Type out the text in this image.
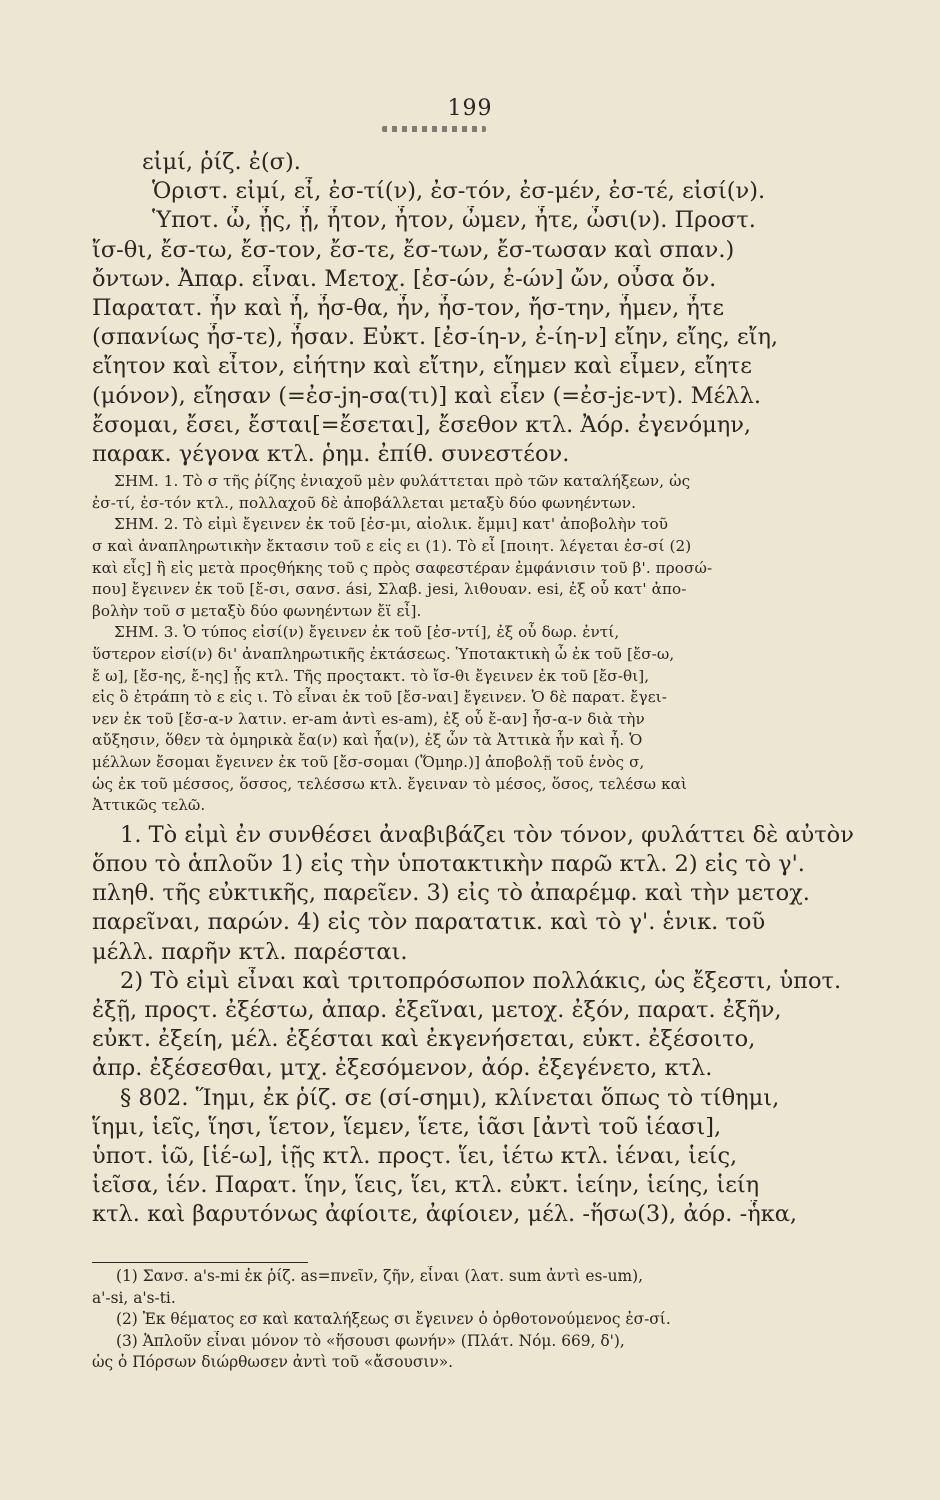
199
εἰμί, ῥίζ. ἐ(σ).
Ὁριστ. εἰμί, εἶ, ἐσ-τί(ν), ἐσ-τόν, ἐσ-μέν, ἐσ-τέ, εἰσί(ν).
Ὑποτ. ὦ, ᾖς, ᾖ, ἦτον, ἦτον, ὦμεν, ἦτε, ὦσι(ν). Προστ.
ἴσ-θι, ἔσ-τω, ἔσ-τον, ἔσ-τε, ἔσ-των, ἔσ-τωσαν καὶ σπαν.)
ὄντων. Ἀπαρ. εἶναι. Μετοχ. [ἐσ-ών, ἐ-ών] ὤν, οὖσα ὄν.
Παρατατ. ἦν καὶ ἦ, ἦσ-θα, ἦν, ἦσ-τον, ἤσ-την, ἦμεν, ἦτε
(σπανίως ἦσ-τε), ἦσαν. Εὐκτ. [ἐσ-ίη-ν, ἐ-ίη-ν] εἴην, εἴης, εἴη,
εἴητον καὶ εἶτον, εἰήτην καὶ εἴτην, εἴημεν καὶ εἶμεν, εἴητε
(μόνον), εἴησαν (=ἐσ-jη-σα(τι)] καὶ εἶεν (=ἐσ-jε-ντ). Μέλλ.
ἔσομαι, ἔσει, ἔσται[=ἔσεται], ἔσεθον κτλ. Ἀόρ. ἐγενόμην,
παρακ. γέγονα κτλ. ῥημ. ἐπίθ. συνεστέον.
ΣΗΜ. 1. Τὸ σ τῆς ῥίζης ἐνιαχοῦ μὲν φυλάττεται πρὸ τῶν καταλήξεων, ὡς
ἐσ-τί, ἐσ-τόν κτλ., πολλαχοῦ δὲ ἀποβάλλεται μεταξὺ δύο φωνηέντων.
ΣΗΜ. 2. Τὸ εἰμὶ ἔγεινεν ἐκ τοῦ [ἐσ-μι, αἰολικ. ἔμμι] κατ' ἀποβολὴν τοῦ
σ καὶ ἀναπληρωτικὴν ἔκτασιν τοῦ ε εἰς ει (1). Τὸ εἶ [ποιητ. λέγεται ἐσ-σί (2)
καὶ εἶς] ἢ εἰς μετὰ προςθήκης τοῦ ς πρὸς σαφεστέραν ἐμφάνισιν τοῦ β'. προσώ-
που] ἔγεινεν ἐκ τοῦ [ἔ-σι, σανσ. ási, Σλαβ. jesi, λιθουαν. esi, ἐξ οὗ κατ' ἀπο-
βολὴν τοῦ σ μεταξὺ δύο φωνηέντων ἔϊ εἶ].
ΣΗΜ. 3. Ὁ τύπος εἰσί(ν) ἔγεινεν ἐκ τοῦ [ἐσ-ντί], ἐξ οὗ δωρ. ἐντί,
ὕστερον εἰσί(ν) δι' ἀναπληρωτικῆς ἐκτάσεως. Ὑποτακτικὴ ὦ ἐκ τοῦ [ἔσ-ω,
ἔ ω], [ἔσ-ης, ἔ-ης] ᾖς κτλ. Τῆς προςτακτ. τὸ ἴσ-θι ἔγεινεν ἐκ τοῦ [ἔσ-θι],
εἰς ὃ ἐτράπη τὸ ε εἰς ι. Τὸ εἶναι ἐκ τοῦ [ἔσ-ναι] ἔγεινεν. Ὁ δὲ παρατ. ἔγει-
νεν ἐκ τοῦ [ἔσ-α-ν λατιν. er-am ἀντὶ es-am), ἐξ οὗ ἔ-αν] ἦσ-α-ν διὰ τὴν
αὔξησιν, ὅθεν τὰ ὁμηρικὰ ἔα(ν) καὶ ἦα(ν), ἐξ ὧν τὰ Ἀττικὰ ἦν καὶ ἦ. Ὁ
μέλλων ἔσομαι ἔγεινεν ἐκ τοῦ [ἔσ-σομαι (Ὅμηρ.)] ἀποβολῇ τοῦ ἑνὸς σ,
ὡς ἐκ τοῦ μέσσος, ὅσσος, τελέσσω κτλ. ἔγειναν τὸ μέσος, ὅσος, τελέσω καὶ
Ἀττικῶς τελῶ.
1. Τὸ εἰμὶ ἐν συνθέσει ἀναβιβάζει τὸν τόνον, φυλάττει δὲ αὐτὸν
ὅπου τὸ ἁπλοῦν 1) εἰς τὴν ὑποτακτικὴν παρῶ κτλ. 2) εἰς τὸ γ'.
πληθ. τῆς εὐκτικῆς, παρεῖεν. 3) εἰς τὸ ἀπαρέμφ. καὶ τὴν μετοχ.
παρεῖναι, παρών. 4) εἰς τὸν παρατατικ. καὶ τὸ γ'. ἑνικ. τοῦ
μέλλ. παρῆν κτλ. παρέσται.
2) Τὸ εἰμὶ εἶναι καὶ τριτοπρόσωπον πολλάκις, ὡς ἔξεστι, ὑποτ.
ἐξῇ, προςτ. ἐξέστω, ἀπαρ. ἐξεῖναι, μετοχ. ἐξόν, παρατ. ἐξῆν,
εὐκτ. ἐξείη, μέλ. ἐξέσται καὶ ἐκγενήσεται, εὐκτ. ἐξέσοιτο,
ἀπρ. ἐξέσεσθαι, μτχ. ἐξεσόμενον, ἀόρ. ἐξεγένετο, κτλ.
§ 802. Ἵημι, ἐκ ῥίζ. σε (σί-σημι), κλίνεται ὅπως τὸ τίθημι,
ἵημι, ἱεῖς, ἵησι, ἵετον, ἵεμεν, ἵετε, ἱᾶσι [ἀντὶ τοῦ ἱέασι],
ὑποτ. ἱῶ, [ἱέ-ω], ἱῇς κτλ. προςτ. ἵει, ἱέτω κτλ. ἱέναι, ἱείς,
ἱεῖσα, ἱέν. Παρατ. ἵην, ἵεις, ἵει, κτλ. εὐκτ. ἱείην, ἱείης, ἱείη
κτλ. καὶ βαρυτόνως ἀφίοιτε, ἀφίοιεν, μέλ. -ἥσω(3), ἀόρ. -ἧκα,
(1) Σανσ. a's-mi ἐκ ῥίζ. as=πνεῖν, ζῆν, εἶναι (λατ. sum ἀντὶ es-um),
a'-si, a's-ti.
(2) Ἐκ θέματος εσ καὶ καταλήξεως σι ἔγεινεν ὁ ὀρθοτονούμενος ἐσ-σί.
(3) Ἁπλοῦν εἶναι μόνον τὸ «ἥσουσι φωνήν» (Πλάτ. Νόμ. 669, δ'),
ὡς ὁ Πόρσων διώρθωσεν ἀντὶ τοῦ «ἄσουσιν».
